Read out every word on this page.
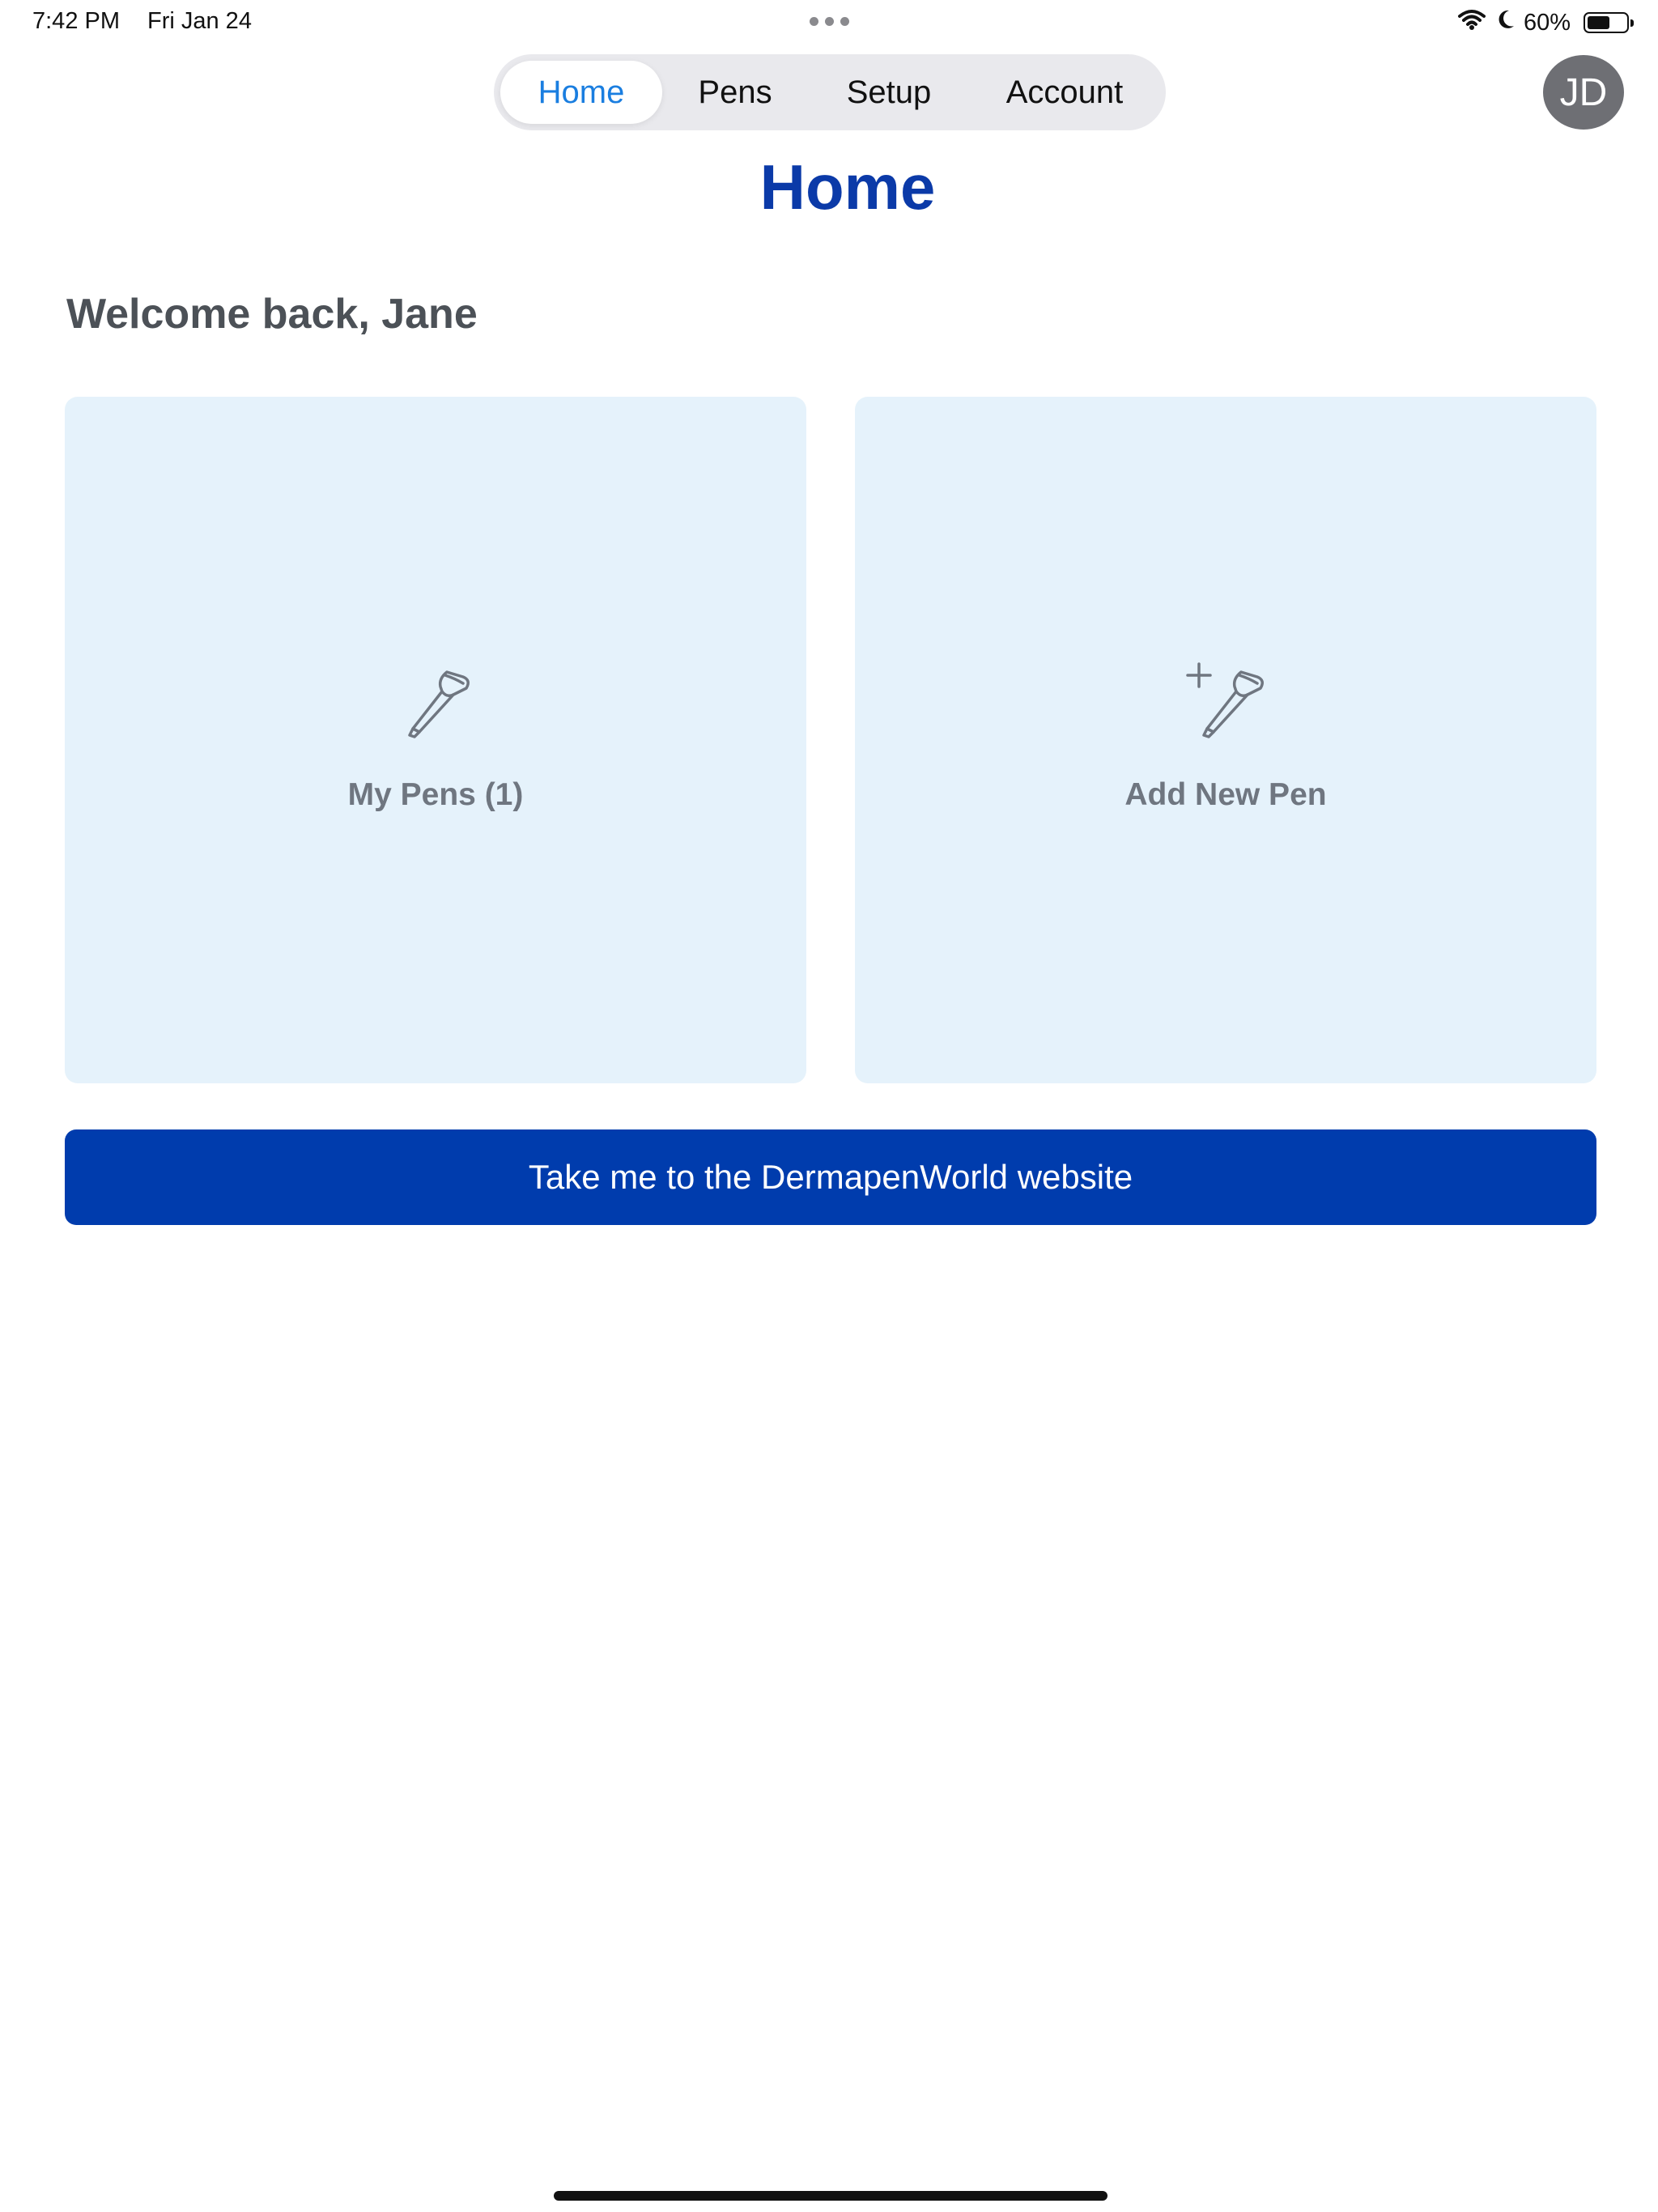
7:42 PM Fri Jan 24	60%
Home	Pens	Setup	Account	JD
Home
Welcome back, Jane
My Pens (1)	Add New Pen
Take me to the DermapenWorld website
